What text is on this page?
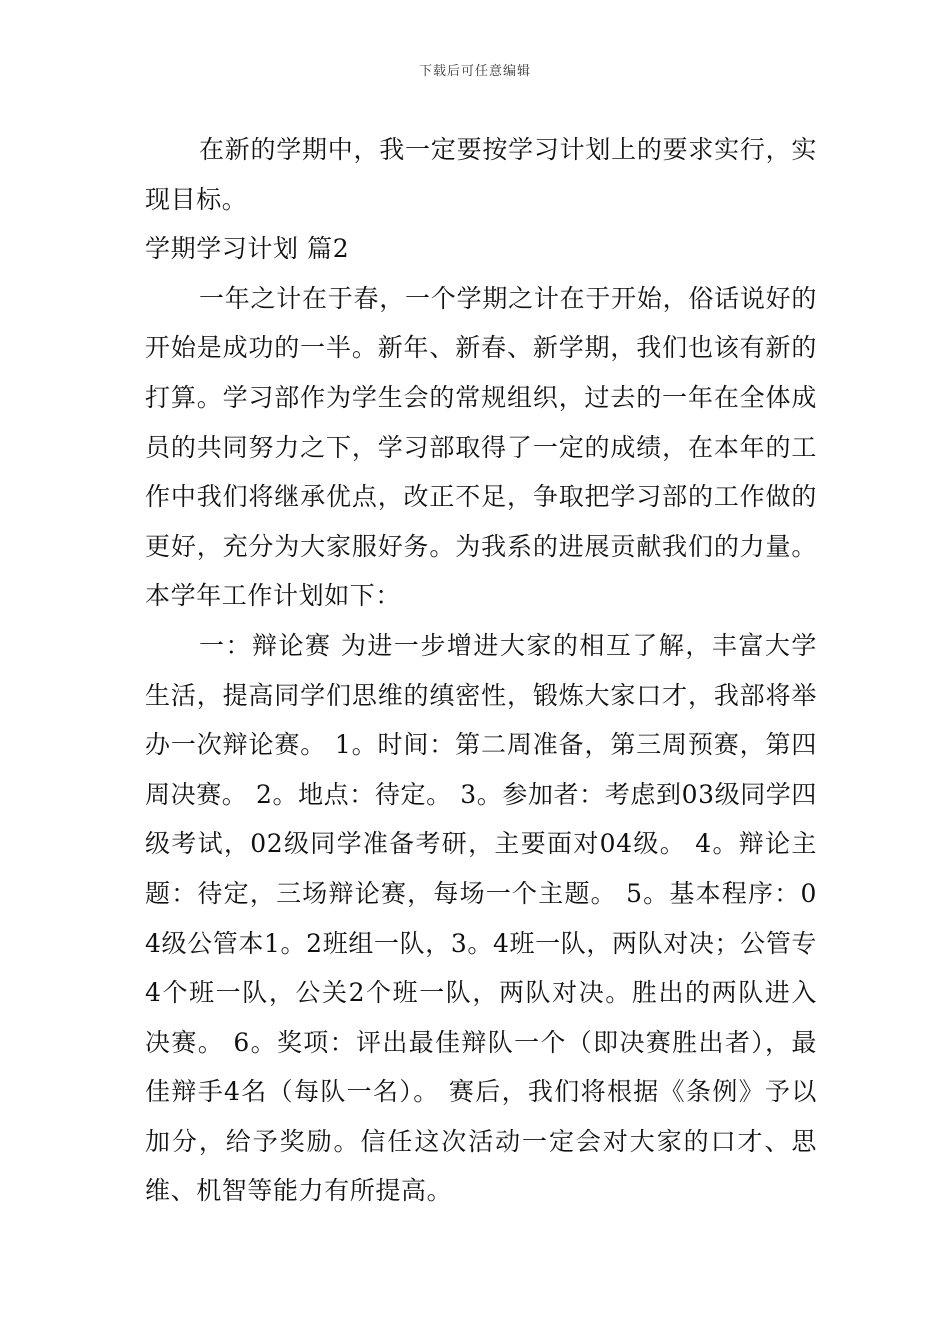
下载后可任意编辑

在新的学期中，我一定要按学习计划上的要求实行，实现目标。

学期学习计划 篇2

一年之计在于春，一个学期之计在于开始，俗话说好的开始是成功的一半。新年、新春、新学期，我们也该有新的打算。学习部作为学生会的常规组织，过去的一年在全体成员的共同努力之下，学习部取得了一定的成绩，在本年的工作中我们将继承优点，改正不足，争取把学习部的工作做的更好，充分为大家服好务。为我系的进展贡献我们的力量。本学年工作计划如下：

一：辩论赛 为进一步增进大家的相互了解，丰富大学生活，提高同学们思维的缜密性，锻炼大家口才，我部将举办一次辩论赛。 1。时间：第二周准备，第三周预赛，第四周决赛。 2。地点：待定。 3。参加者：考虑到03级同学四级考试，02级同学准备考研，主要面对04级。 4。辩论主题：待定，三场辩论赛，每场一个主题。 5。基本程序：04级公管本1。2班组一队，3。4班一队，两队对决；公管专4个班一队，公关2个班一队，两队对决。胜出的两队进入决赛。 6。奖项：评出最佳辩队一个（即决赛胜出者），最佳辩手4名（每队一名）。 赛后，我们将根据《条例》予以加分，给予奖励。信任这次活动一定会对大家的口才、思维、机智等能力有所提高。
